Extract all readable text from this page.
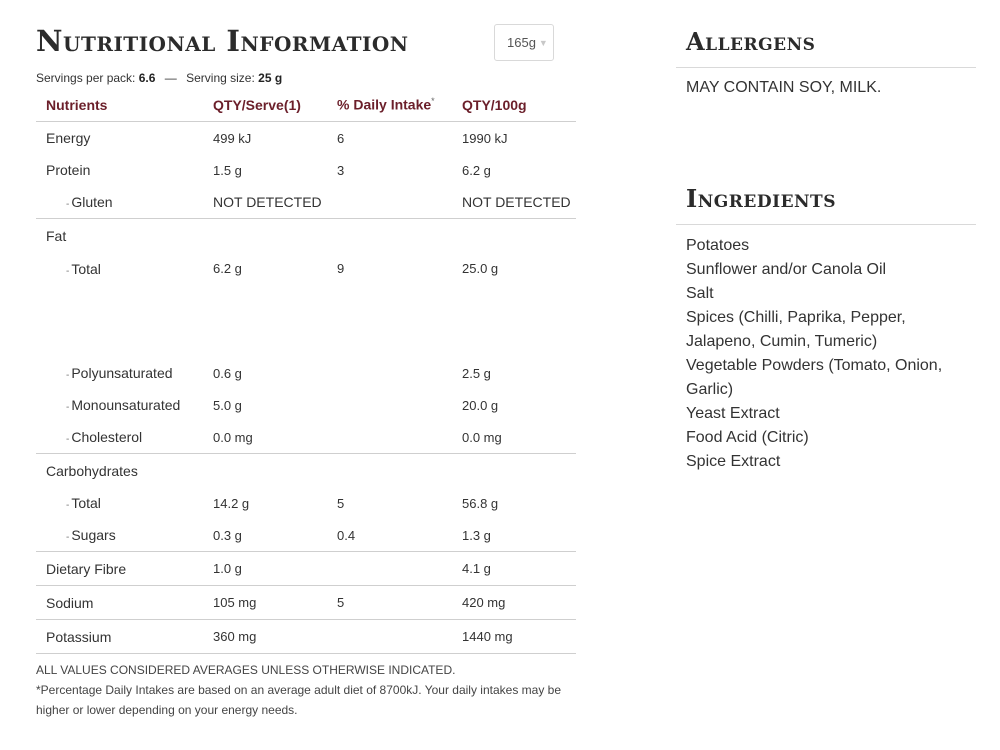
Nutritional Information	165g ▼
Servings per pack: 6.6 — Serving size: 25 g
Nutrients	QTY/Serve(1)	% Daily Intake*	QTY/100g
Energy	499 kJ	6	1990 kJ
Protein	1.5 g	3	6.2 g
- Gluten	NOT DETECTED		NOT DETECTED
Fat			
- Total	6.2 g	9	25.0 g

- Polyunsaturated	0.6 g		2.5 g
- Monounsaturated	5.0 g		20.0 g
- Cholesterol	0.0 mg		0.0 mg
Carbohydrates			
- Total	14.2 g	5	56.8 g
- Sugars	0.3 g	0.4	1.3 g
Dietary Fibre	1.0 g		4.1 g
Sodium	105 mg	5	420 mg
Potassium	360 mg		1440 mg
ALL VALUES CONSIDERED AVERAGES UNLESS OTHERWISE INDICATED.
*Percentage Daily Intakes are based on an average adult diet of 8700kJ. Your daily intakes may be higher or lower depending on your energy needs.
Allergens
MAY CONTAIN SOY, MILK.
Ingredients
Potatoes
Sunflower and/or Canola Oil
Salt
Spices (Chilli, Paprika, Pepper, Jalapeno, Cumin, Tumeric)
Vegetable Powders (Tomato, Onion, Garlic)
Yeast Extract
Food Acid (Citric)
Spice Extract
